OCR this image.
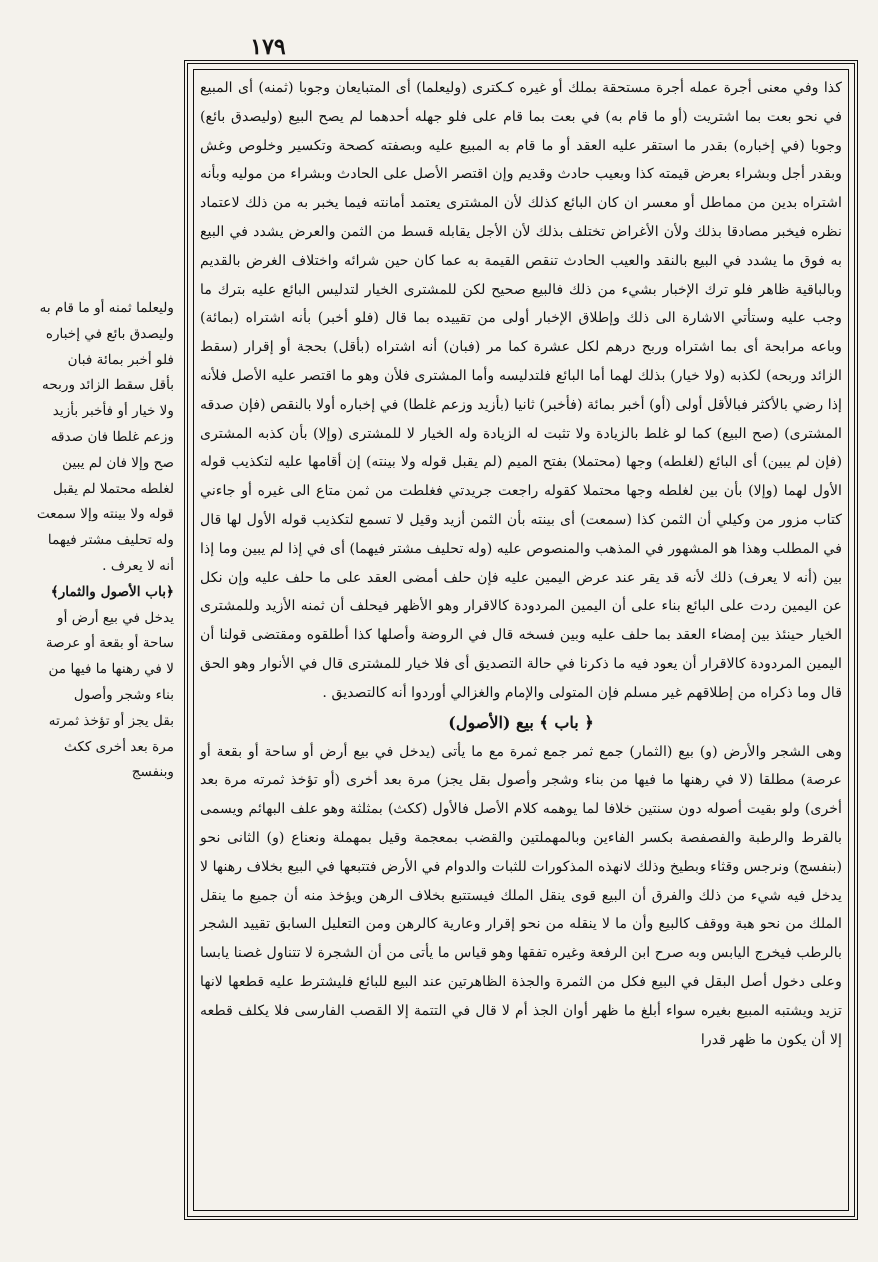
١٧٩

وليعلما ثمنه أو ما قام به

وليصدق بائع في إخباره

فلو أخبر بمائة فبان

بأقل سقط الزائد وربحه

ولا خيار أو فأخبر بأزيد

وزعم غلطا فان صدقه

صح وإلا فان لم يبين

لغلطه محتملا لم يقبل

قوله ولا بينته وإلا سمعت

وله تحليف مشتر فيهما

أنه لا يعرف .

﴿باب الأصول والثمار﴾

يدخل في بيع أرض أو

ساحة أو بقعة أو عرصة

لا في رهنها ما فيها من

بناء وشجر وأصول

بقل يجز أو تؤخذ ثمرته

مرة بعد أخرى ككث

وبنفسج

كذا وفي معنى أجرة عمله أجرة مستحقة بملك أو غيره كـكترى (وليعلما) أى المتبايعان وجوبا (ثمنه) أى المبيع في نحو بعت بما اشتريت (أو ما قام به) في بعت بما قام على فلو جهله أحدهما لم يصح البيع (وليصدق بائع) وجوبا (في إخباره) بقدر ما استقر عليه العقد أو ما قام به المبيع عليه وبصفته كصحة وتكسير وخلوص وغش وبقدر أجل وبشراء بعرض قيمته كذا وبعيب حادث وقديم وإن اقتصر الأصل على الحادث وبشراء من موليه وبأنه اشتراه بدين من مماطل أو معسر ان كان البائع كذلك لأن المشترى يعتمد أمانته فيما يخبر به من ذلك لاعتماد نظره فيخبر مصادقا بذلك ولأن الأغراض تختلف بذلك لأن الأجل يقابله قسط من الثمن والعرض يشدد في البيع به فوق ما يشدد في البيع بالنقد والعيب الحادث تنقص القيمة به عما كان حين شرائه واختلاف الغرض بالقديم وبالباقية ظاهر فلو ترك الإخبار بشيء من ذلك فالبيع صحيح لكن للمشترى الخيار لتدليس البائع عليه بترك ما وجب عليه وستأتي الاشارة الى ذلك وإطلاق الإخبار أولى من تقييده بما قال (فلو أخبر) بأنه اشتراه (بمائة) وباعه مرابحة أى بما اشتراه وربح درهم لكل عشرة كما مر (فبان) أنه اشتراه (بأقل) بحجة أو إقرار (سقط الزائد وربحه) لكذبه (ولا خيار) بذلك لهما أما البائع فلتدليسه وأما المشترى فلأن وهو ما اقتصر عليه الأصل فلأنه إذا رضي بالأكثر فبالأقل أولى (أو) أخبر بمائة (فأخبر) ثانيا (بأزيد وزعم غلطا) في إخباره أولا بالنقص (فإن صدقه المشترى) (صح البيع) كما لو غلط بالزيادة ولا تثبت له الزيادة وله الخيار لا للمشترى (وإلا) بأن كذبه المشترى (فإن لم يبين) أى البائع (لغلطه) وجها (محتملا) بفتح الميم (لم يقبل قوله ولا بينته) إن أقامها عليه لتكذيب قوله الأول لهما (وإلا) بأن بين لغلطه وجها محتملا كقوله راجعت جريدتي فغلطت من ثمن متاع الى غيره أو جاءني كتاب مزور من وكيلي أن الثمن كذا (سمعت) أى بينته بأن الثمن أزيد وقيل لا تسمع لتكذيب قوله الأول لها قال في المطلب وهذا هو المشهور في المذهب والمنصوص عليه (وله تحليف مشتر فيهما) أى في إذا لم يبين وما إذا بين (أنه لا يعرف) ذلك لأنه قد يقر عند عرض اليمين عليه فإن حلف أمضى العقد على ما حلف عليه وإن نكل عن اليمين ردت على البائع بناء على أن اليمين المردودة كالاقرار وهو الأظهر فيحلف أن ثمنه الأزيد وللمشترى الخيار حينئذ بين إمضاء العقد بما حلف عليه وبين فسخه قال في الروضة وأصلها كذا أطلقوه ومقتضى قولنا أن اليمين المردودة كالاقرار أن يعود فيه ما ذكرنا في حالة التصديق أى فلا خيار للمشترى قال في الأنوار وهو الحق قال وما ذكراه من إطلاقهم غير مسلم فإن المتولى والإمام والغزالي أوردوا أنه كالتصديق .

﴿ باب ﴾ بيع (الأصول)

وهى الشجر والأرض (و) بيع (الثمار) جمع ثمر جمع ثمرة مع ما يأتى (يدخل في بيع أرض أو ساحة أو بقعة أو عرصة) مطلقا (لا في رهنها ما فيها من بناء وشجر وأصول بقل يجز) مرة بعد أخرى (أو تؤخذ ثمرته مرة بعد أخرى) ولو بقيت أصوله دون سنتين خلافا لما يوهمه كلام الأصل فالأول (ككث) بمثلثة وهو علف البهائم ويسمى بالقرط والرطبة والفصفصة بكسر الفاءين وبالمهملتين والقضب بمعجمة وقيل بمهملة ونعناع (و) الثانى نحو (بنفسج) ونرجس وقثاء وبطيخ وذلك لانهذه المذكورات للثبات والدوام في الأرض فتتبعها في البيع بخلاف رهنها لا يدخل فيه شيء من ذلك والفرق أن البيع قوى ينقل الملك فيستتبع بخلاف الرهن ويؤخذ منه أن جميع ما ينقل الملك من نحو هبة ووقف كالبيع وأن ما لا ينقله من نحو إقرار وعارية كالرهن ومن التعليل السابق تقييد الشجر بالرطب فيخرج اليابس وبه صرح ابن الرفعة وغيره تفقها وهو قياس ما يأتى من أن الشجرة لا تتناول غصنا يابسا وعلى دخول أصل البقل في البيع فكل من الثمرة والجذة الظاهرتين عند البيع للبائع فليشترط عليه قطعها لانها تزيد ويشتبه المبيع بغيره سواء أبلغ ما ظهر أوان الجذ أم لا قال في التتمة إلا القصب الفارسى فلا يكلف قطعه إلا أن يكون ما ظهر قدرا
